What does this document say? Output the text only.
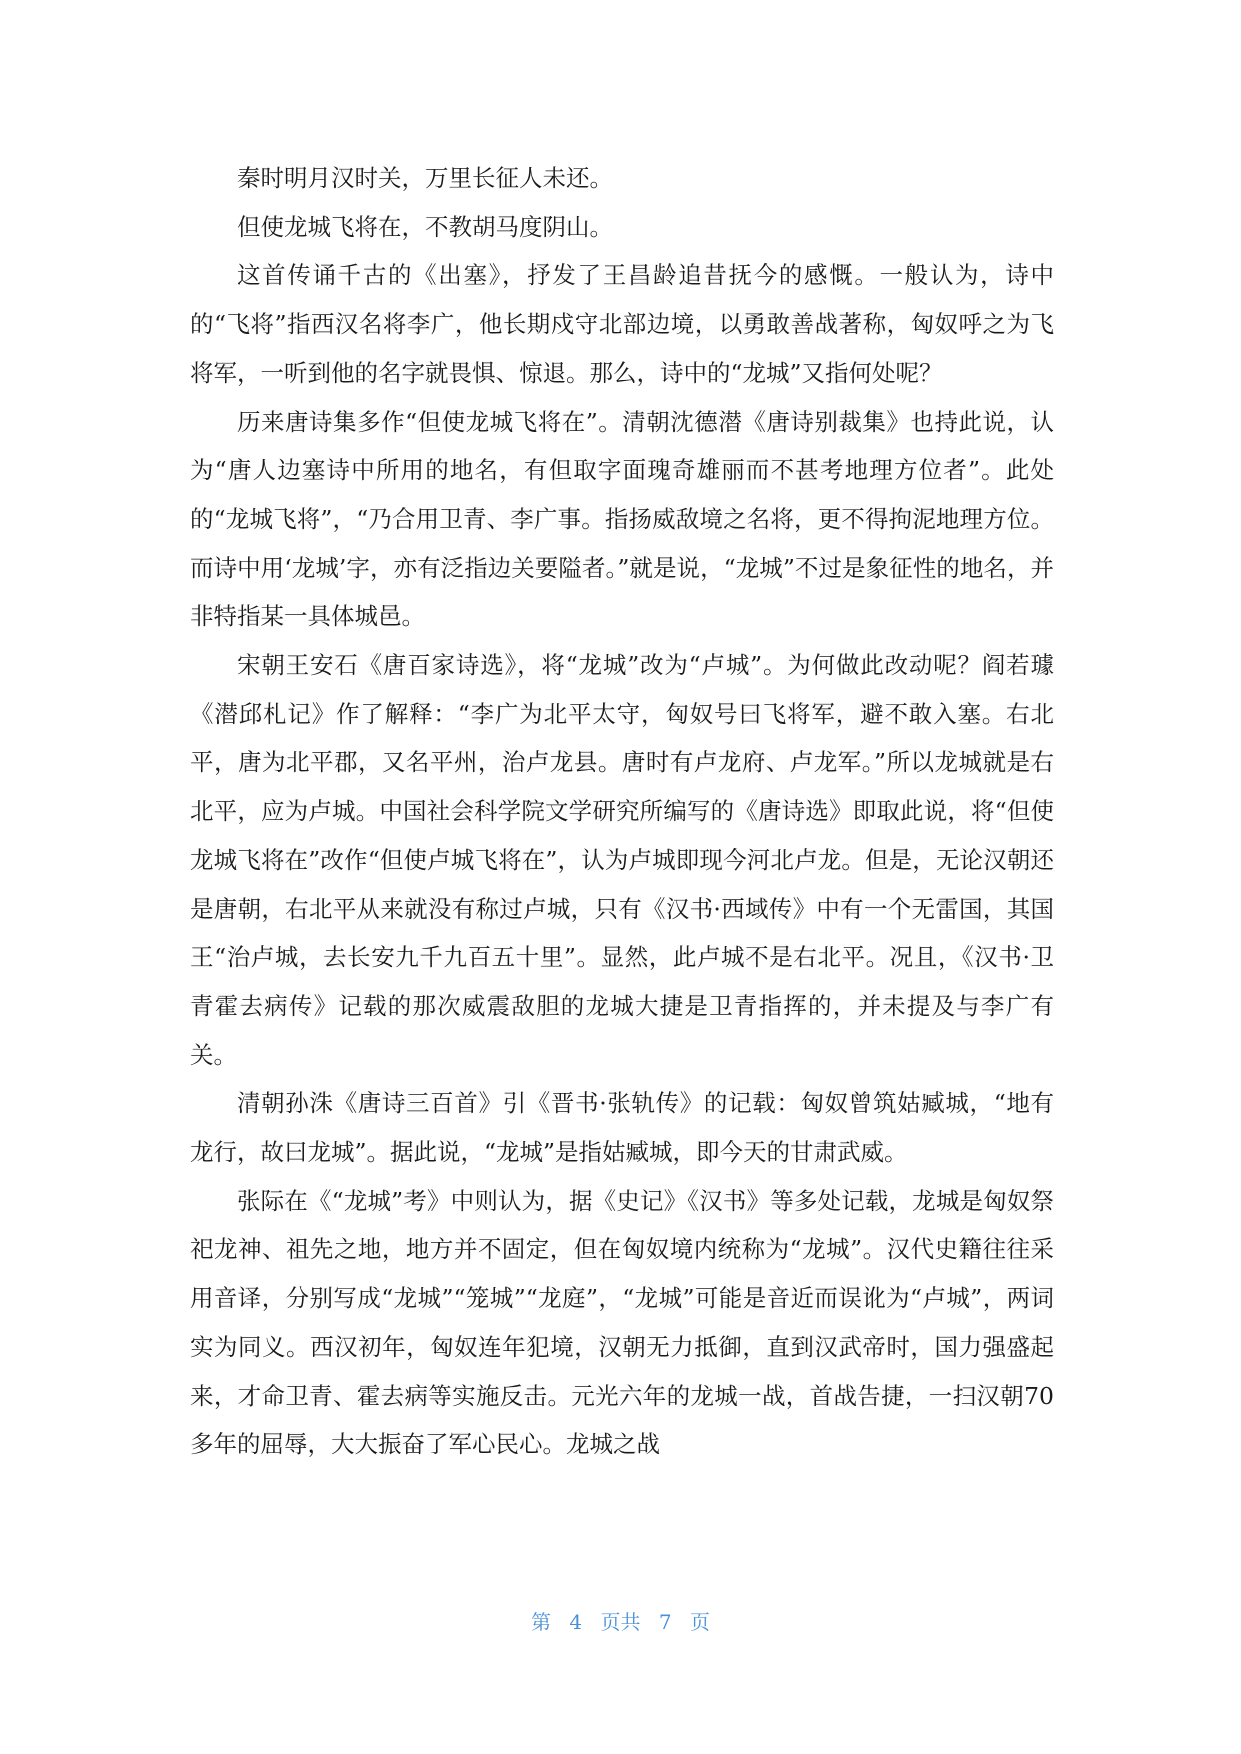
秦时明月汉时关，万里长征人未还。

但使龙城飞将在，不教胡马度阴山。

这首传诵千古的《出塞》，抒发了王昌龄追昔抚今的感慨。一般认为，诗中的“飞将”指西汉名将李广，他长期戍守北部边境，以勇敢善战著称，匈奴呼之为飞将军，一听到他的名字就畏惧、惊退。那么，诗中的“龙城”又指何处呢？

历来唐诗集多作“但使龙城飞将在”。清朝沈德潜《唐诗别裁集》也持此说，认为“唐人边塞诗中所用的地名，有但取字面瑰奇雄丽而不甚考地理方位者”。此处的“龙城飞将”，“乃合用卫青、李广事。指扬威敌境之名将，更不得拘泥地理方位。而诗中用‘龙城’字，亦有泛指边关要隘者。”就是说，“龙城”不过是象征性的地名，并非特指某一具体城邑。

宋朝王安石《唐百家诗选》，将“龙城”改为“卢城”。为何做此改动呢？阎若璩《潜邱札记》作了解释：“李广为北平太守，匈奴号曰飞将军，避不敢入塞。右北平，唐为北平郡，又名平州，治卢龙县。唐时有卢龙府、卢龙军。”所以龙城就是右北平，应为卢城。中国社会科学院文学研究所编写的《唐诗选》即取此说，将“但使龙城飞将在”改作“但使卢城飞将在”，认为卢城即现今河北卢龙。但是，无论汉朝还是唐朝，右北平从来就没有称过卢城，只有《汉书·西域传》中有一个无雷国，其国王“治卢城，去长安九千九百五十里”。显然，此卢城不是右北平。况且，《汉书·卫青霍去病传》记载的那次威震敌胆的龙城大捷是卫青指挥的，并未提及与李广有关。

清朝孙洙《唐诗三百首》引《晋书·张轨传》的记载：匈奴曾筑姑臧城，“地有龙行，故曰龙城”。据此说，“龙城”是指姑臧城，即今天的甘肃武威。

张际在《“龙城”考》中则认为，据《史记》《汉书》等多处记载，龙城是匈奴祭祀龙神、祖先之地，地方并不固定，但在匈奴境内统称为“龙城”。汉代史籍往往采用音译，分别写成“龙城”“笼城”“龙庭”，“龙城”可能是音近而误讹为“卢城”，两词实为同义。西汉初年，匈奴连年犯境，汉朝无力抵御，直到汉武帝时，国力强盛起来，才命卫青、霍去病等实施反击。元光六年的龙城一战，首战告捷，一扫汉朝70多年的屈辱，大大振奋了军心民心。龙城之战

第 4 页共 7 页
